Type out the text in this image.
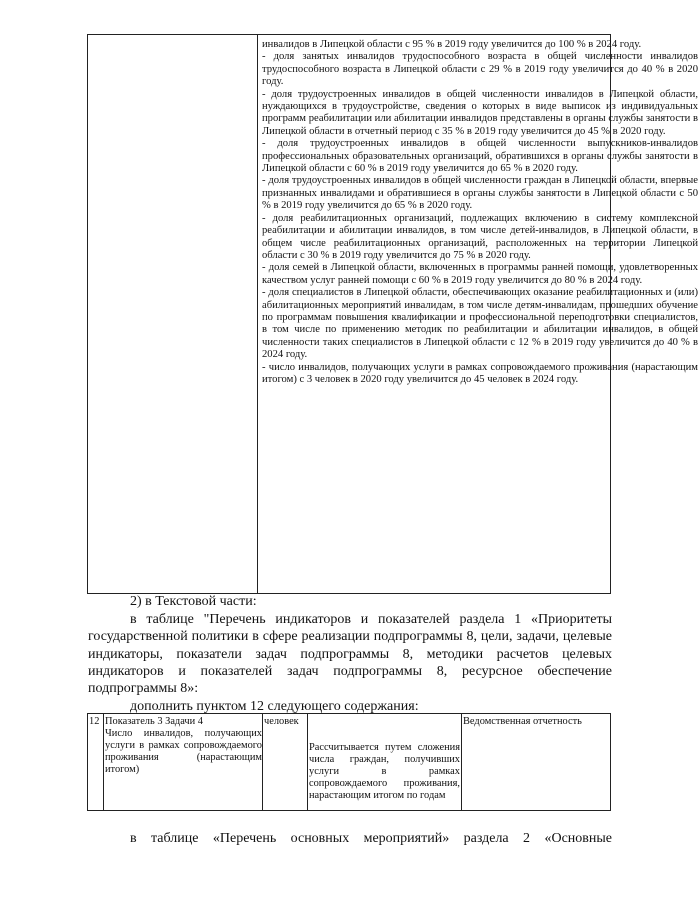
инвалидов в Липецкой области с 95 % в 2019 году увеличится до 100 % в 2024 году.

- доля занятых инвалидов трудоспособного возраста в общей численности инвалидов трудоспособного возраста в Липецкой области с 29 % в 2019 году увеличится до 40 % в 2020 году.

- доля трудоустроенных инвалидов в общей численности инвалидов в Липецкой области, нуждающихся в трудоустройстве, сведения о которых в виде выписок из индивидуальных программ реабилитации или абилитации инвалидов представлены в органы службы занятости в Липецкой области в отчетный период с 35 % в 2019 году увеличится до 45 % в 2020 году.

- доля трудоустроенных инвалидов в общей численности выпускников-инвалидов профессиональных образовательных организаций, обратившихся в органы службы занятости в Липецкой области с 60 % в 2019 году увеличится до 65 % в 2020 году.

- доля трудоустроенных инвалидов в общей численности граждан в Липецкой области, впервые признанных инвалидами и обратившиеся в органы службы занятости в Липецкой области с 50 % в 2019 году увеличится до 65 % в 2020 году.

- доля реабилитационных организаций, подлежащих включению в систему комплексной реабилитации и абилитации инвалидов, в том числе детей-инвалидов, в Липецкой области, в общем числе реабилитационных организаций, расположенных на территории Липецкой области с 30 % в 2019 году увеличится до 75 % в 2020 году.

- доля семей в Липецкой области, включенных в программы ранней помощи, удовлетворенных качеством услуг ранней помощи с 60 % в 2019 году увеличится до 80 % в 2024 году.

- доля специалистов в Липецкой области, обеспечивающих оказание реабилитационных и (или) абилитационных мероприятий инвалидам, в том числе детям-инвалидам, прошедших обучение по программам повышения квалификации и профессиональной переподготовки специалистов, в том числе по применению методик по реабилитации и абилитации инвалидов, в общей численности таких специалистов в Липецкой области с 12 % в 2019 году увеличится до 40 % в 2024 году.

- число инвалидов, получающих услуги в рамках сопровождаемого проживания (нарастающим итогом) с 3 человек в 2020 году увеличится до 45 человек в 2024 году.

2) в Текстовой части:
в таблице "Перечень индикаторов и показателей раздела 1 «Приоритеты государственной политики в сфере реализации подпрограммы 8, цели, задачи, целевые индикаторы, показатели задач подпрограммы 8, методики расчетов целевых индикаторов и показателей задач подпрограммы 8, ресурсное обеспечение подпрограммы 8»:
дополнить пунктом 12 следующего содержания:
12 Показатель 3 Задачи 4
Число инвалидов, получающих услуги в рамках сопровождаемого проживания (нарастающим итогом)
человек
Рассчитывается путем сложения числа граждан, получивших услуги в рамках сопровождаемого проживания, нарастающим итогом по годам
Ведомственная отчетность
в таблице «Перечень основных мероприятий» раздела 2 «Основные
